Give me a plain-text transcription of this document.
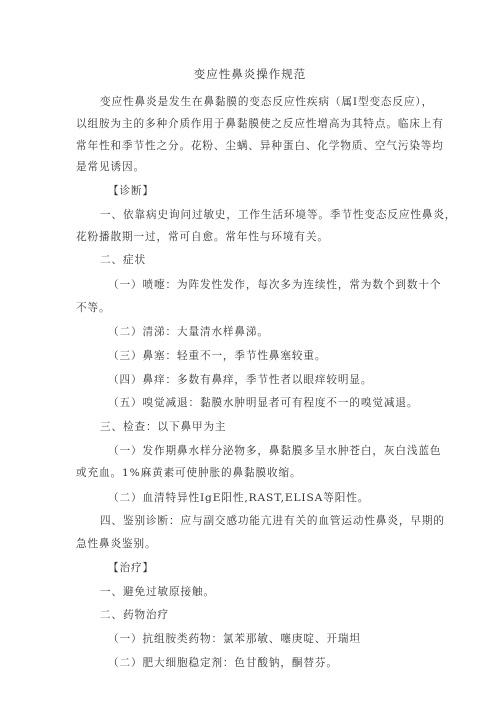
变应性鼻炎操作规范
变应性鼻炎是发生在鼻黏膜的变态反应性疾病（属Ⅰ型变态反应），
以组胺为主的多种介质作用于鼻黏膜使之反应性增高为其特点。临床上有
常年性和季节性之分。花粉、尘螨、异种蛋白、化学物质、空气污染等均
是常见诱因。
【诊断】
一、依靠病史询问过敏史，工作生活环境等。季节性变态反应性鼻炎，
花粉播散期一过，常可自愈。常年性与环境有关。
二、症状
（一）喷嚏：为阵发性发作，每次多为连续性，常为数个到数十个
不等。
（二）清涕：大量清水样鼻涕。
（三）鼻塞：轻重不一，季节性鼻塞较重。
（四）鼻痒：多数有鼻痒，季节性者以眼痒较明显。
（五）嗅觉减退：黏膜水肿明显者可有程度不一的嗅觉减退。
三、检查：以下鼻甲为主
（一）发作期鼻水样分泌物多，鼻黏膜多呈水肿苍白，灰白浅蓝色
或充血。1%麻黄素可使肿胀的鼻黏膜收缩。
（二）血清特异性IgE阳性,RAST,ELISA等阳性。
四、鉴别诊断：应与副交感功能亢进有关的血管运动性鼻炎，早期的
急性鼻炎鉴别。
【治疗】
一、避免过敏原接触。
二、药物治疗
（一）抗组胺类药物：氯苯那敏、噻庚啶、开瑞坦
（二）肥大细胞稳定剂：色甘酸钠，酮替芬。
